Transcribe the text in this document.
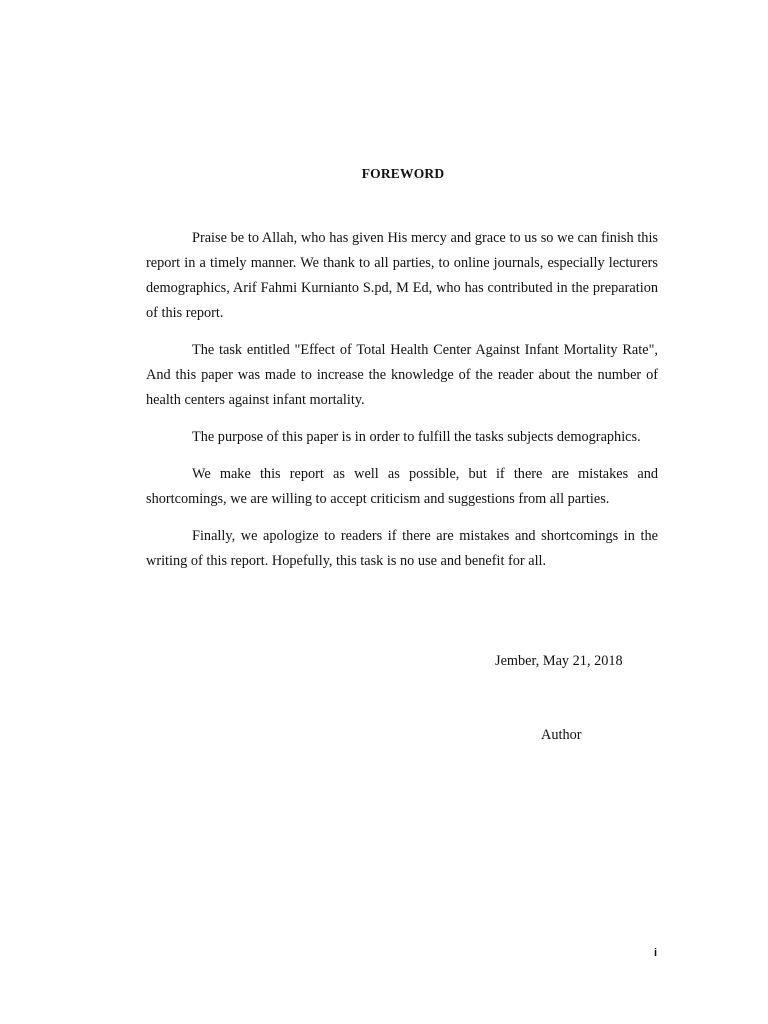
FOREWORD

Praise be to Allah, who has given His mercy and grace to us so we can finish this report in a timely manner. We thank to all parties, to online journals, especially lecturers demographics, Arif Fahmi Kurnianto S.pd, M Ed, who has contributed in the preparation of this report.

The task entitled "Effect of Total Health Center Against Infant Mortality Rate", And this paper was made to increase the knowledge of the reader about the number of health centers against infant mortality.

The purpose of this paper is in order to fulfill the tasks subjects demographics.

We make this report as well as possible, but if there are mistakes and shortcomings, we are willing to accept criticism and suggestions from all parties.

Finally, we apologize to readers if there are mistakes and shortcomings in the writing of this report. Hopefully, this task is no use and benefit for all.

Jember, May 21, 2018
Author
i
